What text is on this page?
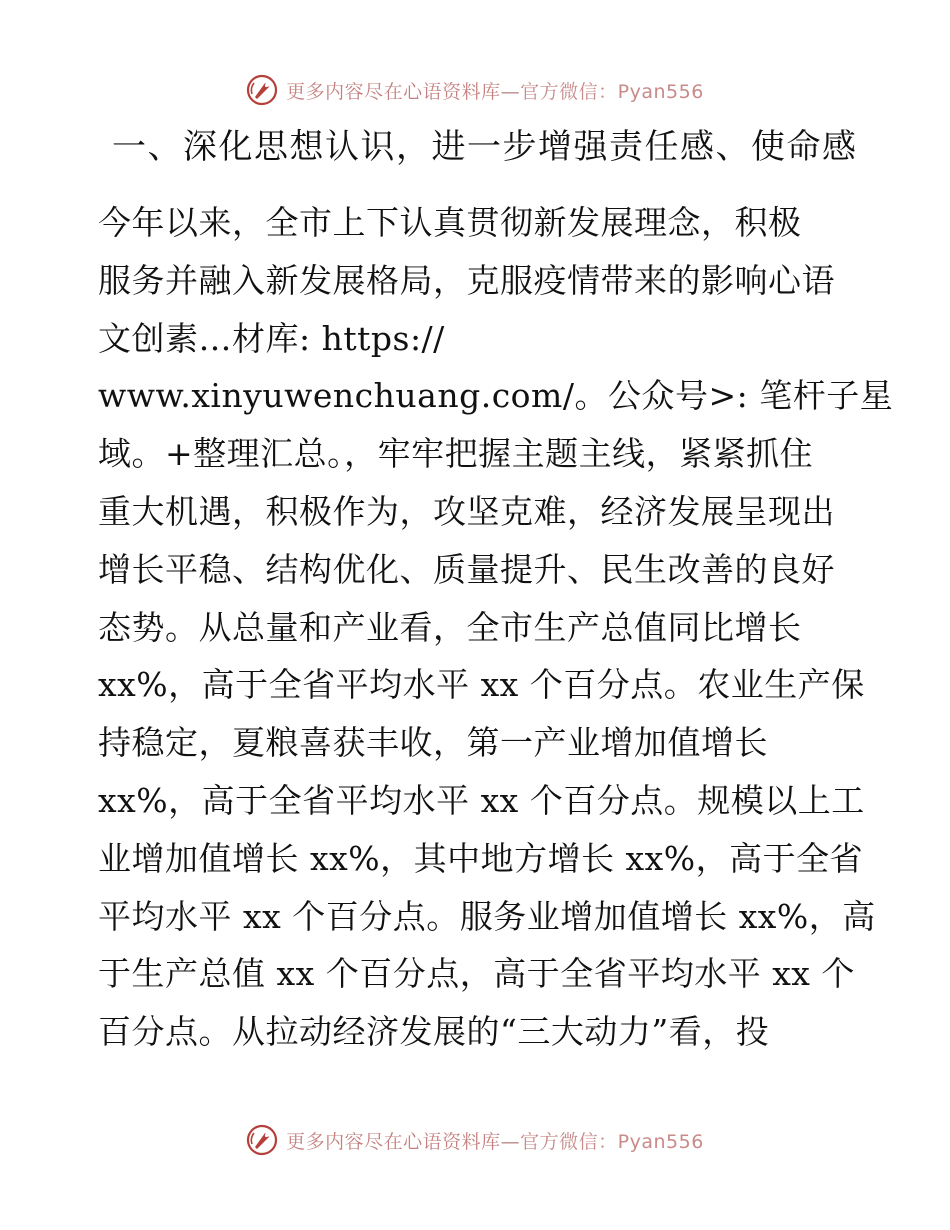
更多内容尽在心语资料库—官方微信：Pyan556
一、深化思想认识，进一步增强责任感、使命感
今年以来，全市上下认真贯彻新发展理念，积极
服务并融入新发展格局，克服疫情带来的影响心语
文创素…材库: https://
www.xinyuwenchuang.com/。公众号>: 笔杆子星
域。+整理汇总。，牢牢把握主题主线，紧紧抓住
重大机遇，积极作为，攻坚克难，经济发展呈现出
增长平稳、结构优化、质量提升、民生改善的良好
态势。从总量和产业看，全市生产总值同比增长
xx%，高于全省平均水平 xx 个百分点。农业生产保
持稳定，夏粮喜获丰收，第一产业增加值增长
xx%，高于全省平均水平 xx 个百分点。规模以上工
业增加值增长 xx%，其中地方增长 xx%，高于全省
平均水平 xx 个百分点。服务业增加值增长 xx%，高
于生产总值 xx 个百分点，高于全省平均水平 xx 个
百分点。从拉动经济发展的“三大动力”看，投
更多内容尽在心语资料库—官方微信：Pyan556
